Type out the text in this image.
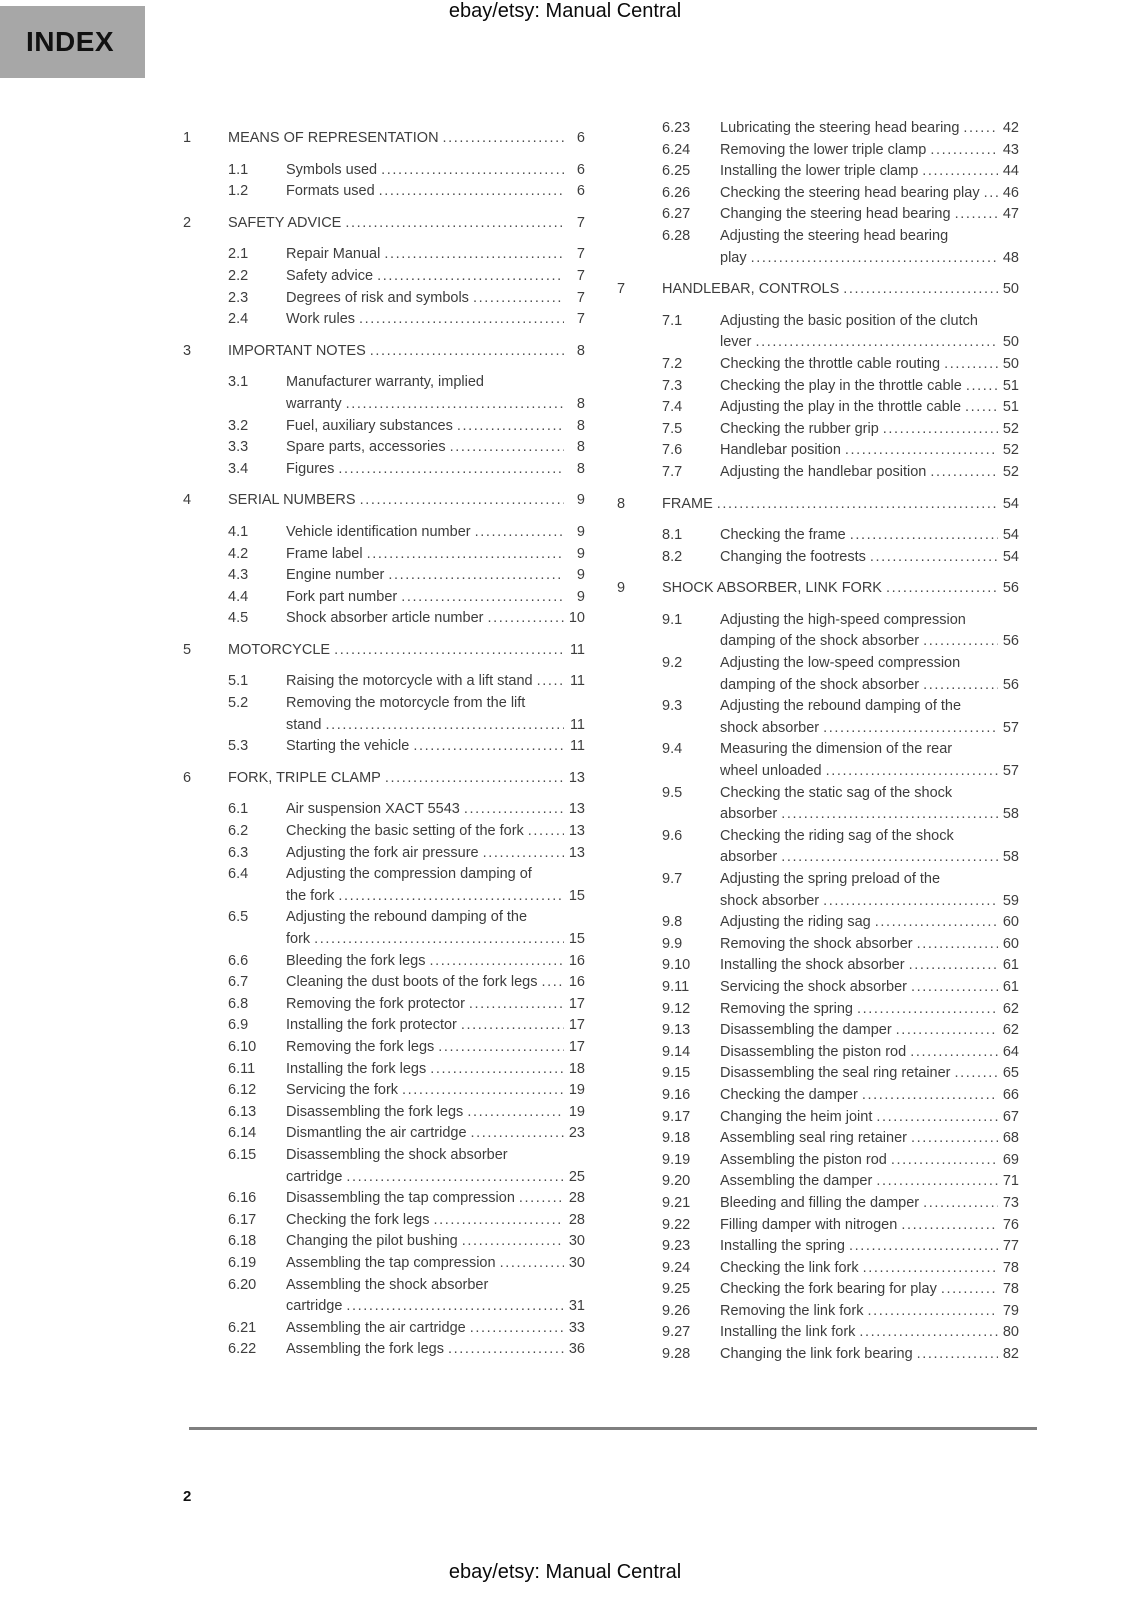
ebay/etsy: Manual Central
INDEX
1	MEANS OF REPRESENTATION .....	6
1.1	Symbols used .....	6
1.2	Formats used .....	6
2	SAFETY ADVICE .....	7
2.1	Repair Manual .....	7
2.2	Safety advice .....	7
2.3	Degrees of risk and symbols .....	7
2.4	Work rules .....	7
3	IMPORTANT NOTES .....	8
3.1	Manufacturer warranty, implied
warranty .....	8
3.2	Fuel, auxiliary substances .....	8
3.3	Spare parts, accessories .....	8
3.4	Figures .....	8
4	SERIAL NUMBERS .....	9
4.1	Vehicle identification number .....	9
4.2	Frame label .....	9
4.3	Engine number .....	9
4.4	Fork part number .....	9
4.5	Shock absorber article number .....	10
5	MOTORCYCLE .....	11
5.1	Raising the motorcycle with a lift stand .....	11
5.2	Removing the motorcycle from the lift
stand .....	11
5.3	Starting the vehicle .....	11
6	FORK, TRIPLE CLAMP .....	13
6.1	Air suspension XACT 5543 .....	13
6.2	Checking the basic setting of the fork .....	13
6.3	Adjusting the fork air pressure .....	13
6.4	Adjusting the compression damping of
the fork .....	15
6.5	Adjusting the rebound damping of the
fork .....	15
6.6	Bleeding the fork legs .....	16
6.7	Cleaning the dust boots of the fork legs ..... 16
6.8	Removing the fork protector .....	17
6.9	Installing the fork protector .....	17
6.10	Removing the fork legs .....	17
6.11	Installing the fork legs .....	18
6.12	Servicing the fork .....	19
6.13	Disassembling the fork legs .....	19
6.14	Dismantling the air cartridge .....	23
6.15	Disassembling the shock absorber
cartridge .....	25
6.16	Disassembling the tap compression .....	28
6.17	Checking the fork legs .....	28
6.18	Changing the pilot bushing .....	30
6.19	Assembling the tap compression .....	30
6.20	Assembling the shock absorber
cartridge .....	31
6.21	Assembling the air cartridge .....	33
6.22	Assembling the fork legs .....	36
6.23	Lubricating the steering head bearing .....	42
6.24	Removing the lower triple clamp .....	43
6.25	Installing the lower triple clamp .....	44
6.26	Checking the steering head bearing play ..... 46
6.27	Changing the steering head bearing .....	47
6.28	Adjusting the steering head bearing
play .....	48
7	HANDLEBAR, CONTROLS .....	50
7.1	Adjusting the basic position of the clutch
lever .....	50
7.2	Checking the throttle cable routing .....	50
7.3	Checking the play in the throttle cable .....	51
7.4	Adjusting the play in the throttle cable .....	51
7.5	Checking the rubber grip .....	52
7.6	Handlebar position .....	52
7.7	Adjusting the handlebar position .....	52
8	FRAME .....	54
8.1	Checking the frame .....	54
8.2	Changing the footrests .....	54
9	SHOCK ABSORBER, LINK FORK .....	56
9.1	Adjusting the high-speed compression
damping of the shock absorber .....	56
9.2	Adjusting the low-speed compression
damping of the shock absorber .....	56
9.3	Adjusting the rebound damping of the
shock absorber .....	57
9.4	Measuring the dimension of the rear
wheel unloaded .....	57
9.5	Checking the static sag of the shock
absorber .....	58
9.6	Checking the riding sag of the shock
absorber .....	58
9.7	Adjusting the spring preload of the
shock absorber .....	59
9.8	Adjusting the riding sag .....	60
9.9	Removing the shock absorber .....	60
9.10	Installing the shock absorber .....	61
9.11	Servicing the shock absorber .....	61
9.12	Removing the spring .....	62
9.13	Disassembling the damper .....	62
9.14	Disassembling the piston rod .....	64
9.15	Disassembling the seal ring retainer .....	65
9.16	Checking the damper .....	66
9.17	Changing the heim joint .....	67
9.18	Assembling seal ring retainer .....	68
9.19	Assembling the piston rod .....	69
9.20	Assembling the damper .....	71
9.21	Bleeding and filling the damper .....	73
9.22	Filling damper with nitrogen .....	76
9.23	Installing the spring .....	77
9.24	Checking the link fork .....	78
9.25	Checking the fork bearing for play .....	78
9.26	Removing the link fork .....	79
9.27	Installing the link fork .....	80
9.28	Changing the link fork bearing .....	82
2
ebay/etsy: Manual Central
